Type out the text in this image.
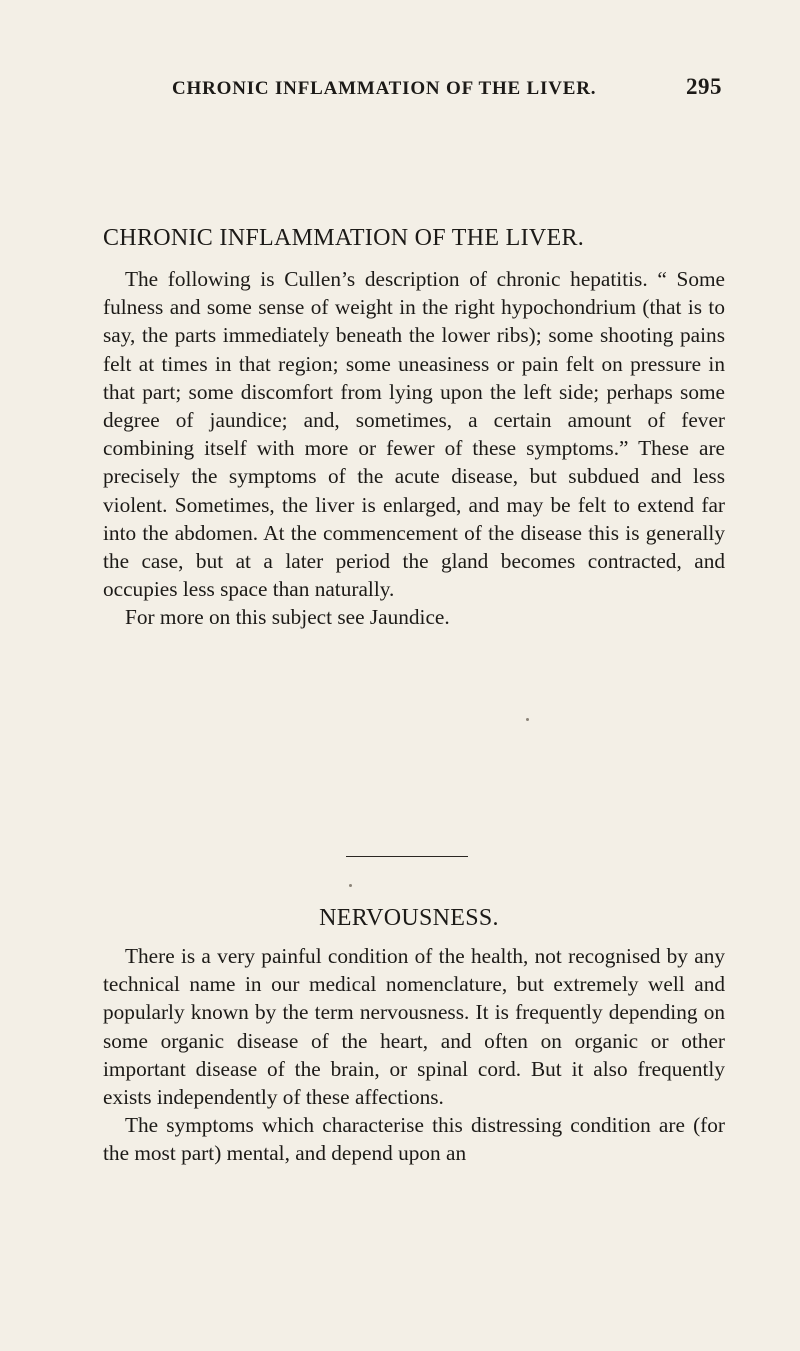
CHRONIC INFLAMMATION OF THE LIVER.	295
CHRONIC INFLAMMATION OF THE LIVER.

The following is Cullen’s description of chronic hepatitis. “ Some fulness and some sense of weight in the right hypochondrium (that is to say, the parts immediately beneath the lower ribs); some shooting pains felt at times in that region; some uneasiness or pain felt on pressure in that part; some discomfort from lying upon the left side; perhaps some degree of jaundice; and, sometimes, a certain amount of fever combining itself with more or fewer of these symptoms.” These are precisely the symptoms of the acute disease, but subdued and less violent. Sometimes, the liver is enlarged, and may be felt to extend far into the abdomen. At the commencement of the disease this is generally the case, but at a later period the gland becomes contracted, and occupies less space than naturally.

For more on this subject see Jaundice.

NERVOUSNESS.

There is a very painful condition of the health, not recognised by any technical name in our medical nomenclature, but extremely well and popularly known by the term nervousness. It is frequently depending on some organic disease of the heart, and often on organic or other important disease of the brain, or spinal cord. But it also frequently exists independently of these affections.

The symptoms which characterise this distressing condition are (for the most part) mental, and depend upon an
